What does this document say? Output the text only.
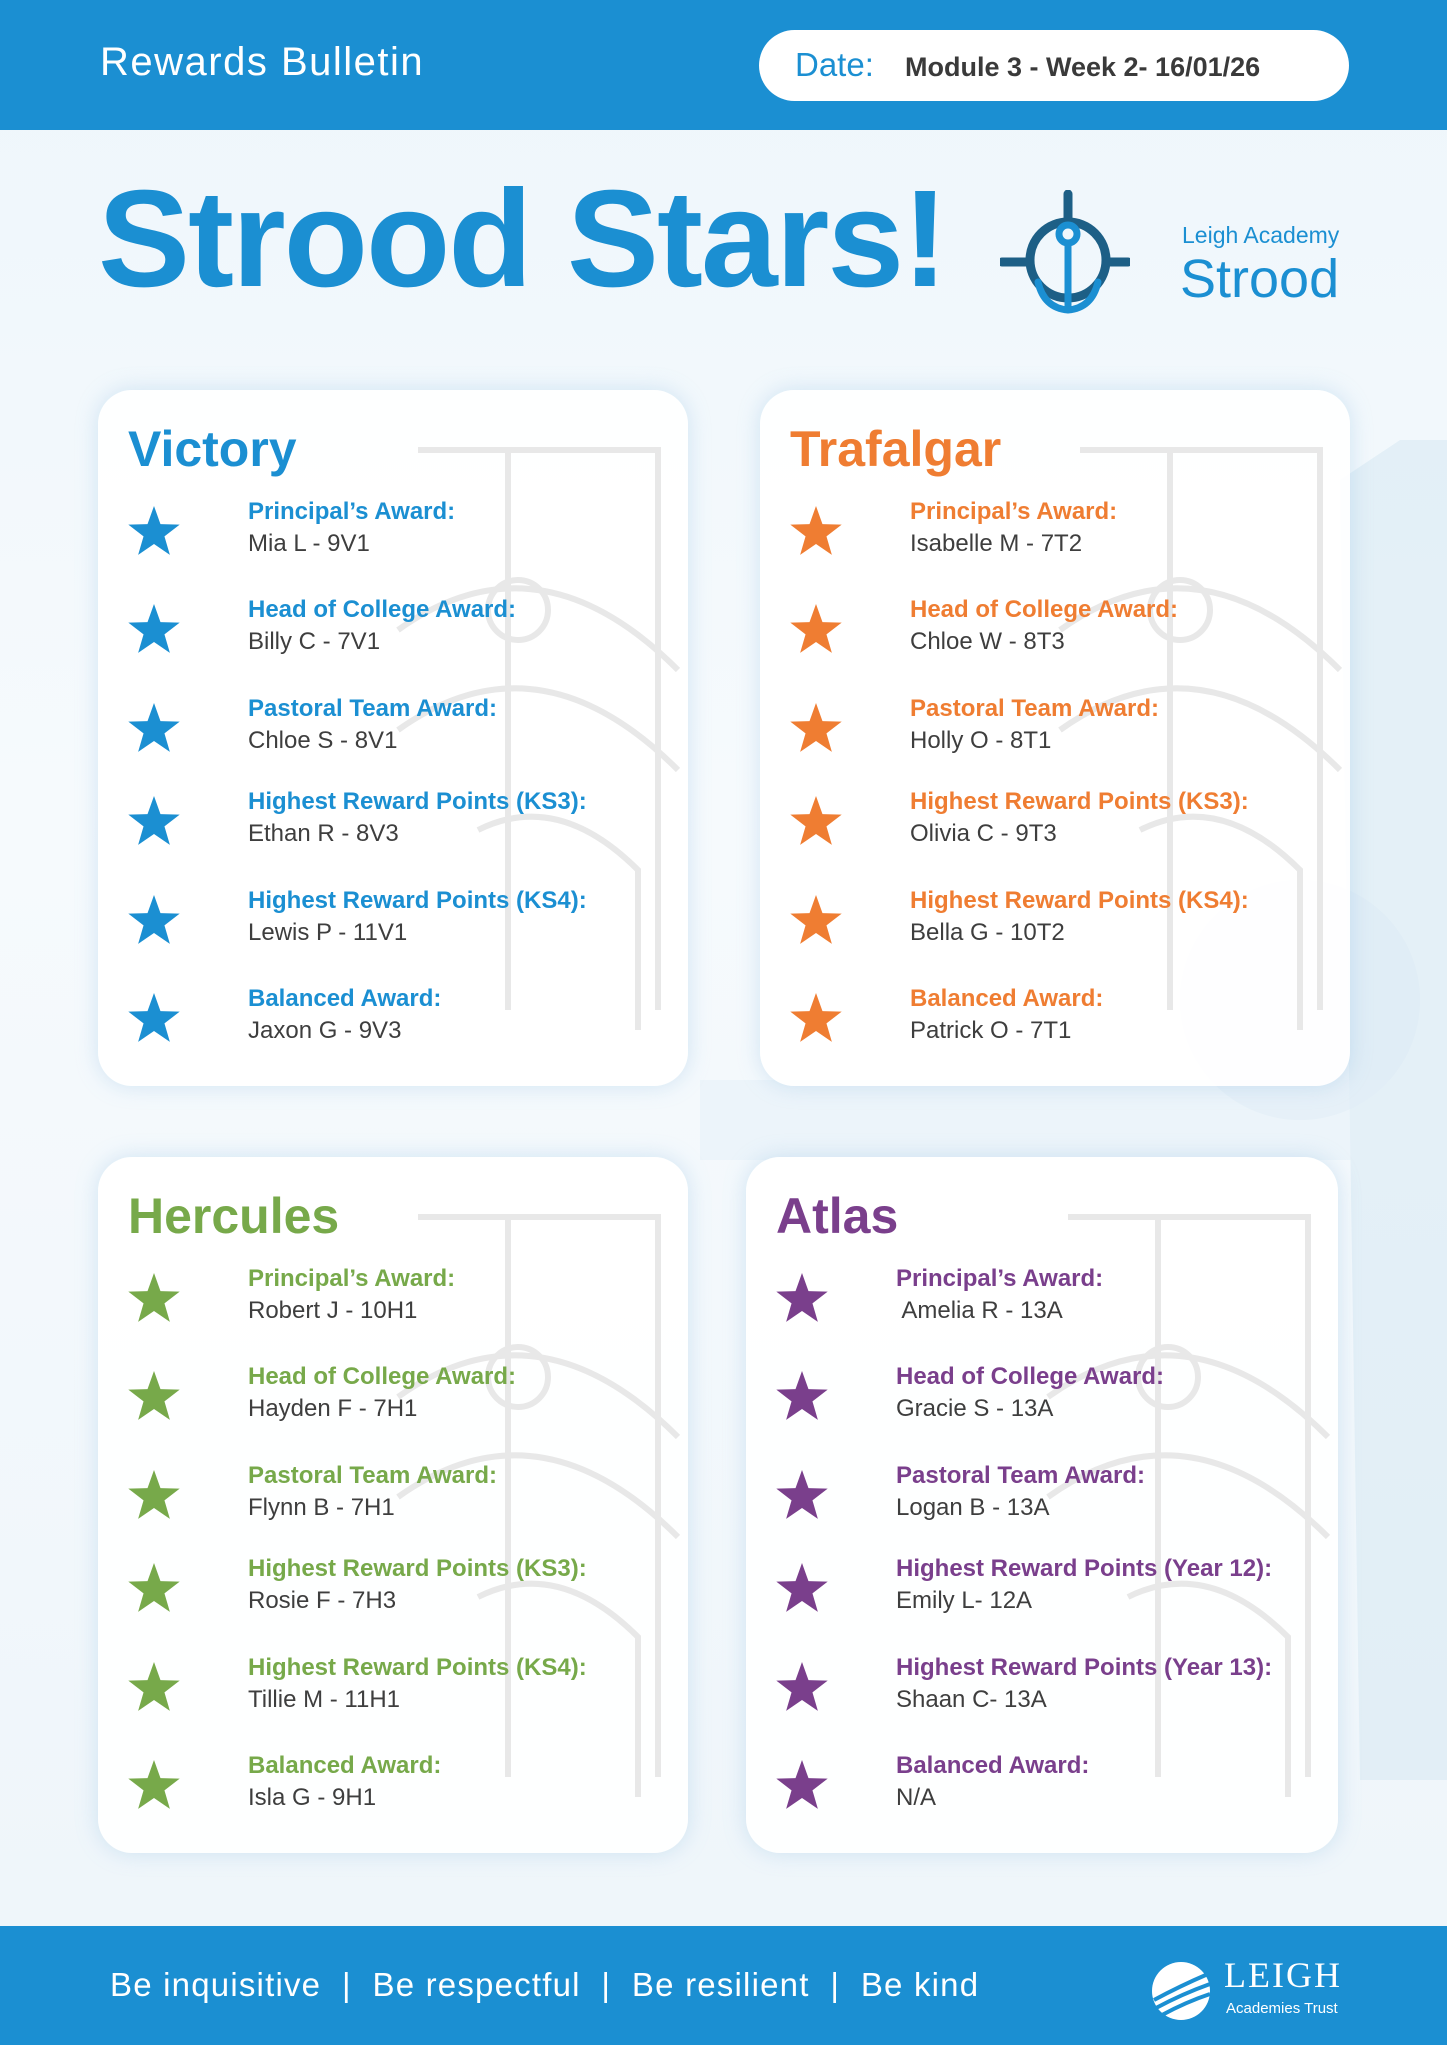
Rewards Bulletin	Date: Module 3 - Week 2- 16/01/26
Strood Stars!	Leigh Academy
Strood
Victory
Principal’s Award:
Mia L - 9V1
Head of College Award:
Billy C - 7V1
Pastoral Team Award:
Chloe S - 8V1
Highest Reward Points (KS3):
Ethan R - 8V3
Highest Reward Points (KS4):
Lewis P - 11V1
Balanced Award:
Jaxon G - 9V3
Trafalgar
Principal’s Award:
Isabelle M - 7T2
Head of College Award:
Chloe W - 8T3
Pastoral Team Award:
Holly O - 8T1
Highest Reward Points (KS3):
Olivia C - 9T3
Highest Reward Points (KS4):
Bella G - 10T2
Balanced Award:
Patrick O - 7T1
Hercules
Principal’s Award:
Robert J - 10H1
Head of College Award:
Hayden F - 7H1
Pastoral Team Award:
Flynn B - 7H1
Highest Reward Points (KS3):
Rosie F - 7H3
Highest Reward Points (KS4):
Tillie M - 11H1
Balanced Award:
Isla G - 9H1
Atlas
Principal’s Award:
Amelia R - 13A
Head of College Award:
Gracie S - 13A
Pastoral Team Award:
Logan B - 13A
Highest Reward Points (Year 12):
Emily L- 12A
Highest Reward Points (Year 13):
Shaan C- 13A
Balanced Award:
N/A
Be inquisitive  |  Be respectful  |  Be resilient  |  Be kind	LEIGH
Academies Trust
